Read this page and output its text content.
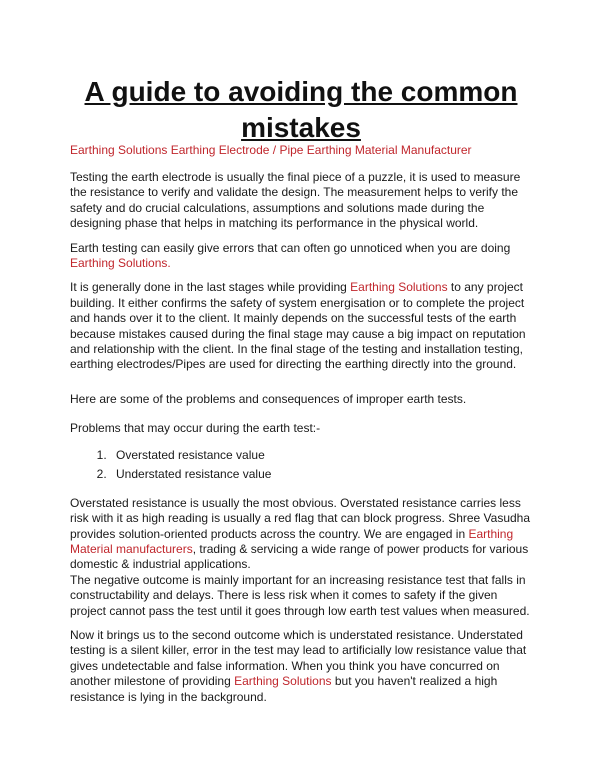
A guide to avoiding the common mistakes
Earthing Solutions Earthing Electrode / Pipe Earthing Material Manufacturer

Testing the earth electrode is usually the final piece of a puzzle, it is used to measure the resistance to verify and validate the design. The measurement helps to verify the safety and do crucial calculations, assumptions and solutions made during the designing phase that helps in matching its performance in the physical world.

Earth testing can easily give errors that can often go unnoticed when you are doing Earthing Solutions.

It is generally done in the last stages while providing Earthing Solutions to any project building. It either confirms the safety of system energisation or to complete the project and hands over it to the client. It mainly depends on the successful tests of the earth because mistakes caused during the final stage may cause a big impact on reputation and relationship with the client. In the final stage of the testing and installation testing, earthing electrodes/Pipes are used for directing the earthing directly into the ground.

Here are some of the problems and consequences of improper earth tests.

Problems that may occur during the earth test:-

1. Overstated resistance value
2. Understated resistance value

Overstated resistance is usually the most obvious. Overstated resistance carries less risk with it as high reading is usually a red flag that can block progress. Shree Vasudha provides solution-oriented products across the country. We are engaged in Earthing Material manufacturers, trading & servicing a wide range of power products for various domestic & industrial applications.

The negative outcome is mainly important for an increasing resistance test that falls in constructability and delays. There is less risk when it comes to safety if the given project cannot pass the test until it goes through low earth test values when measured.

Now it brings us to the second outcome which is understated resistance. Understated testing is a silent killer, error in the test may lead to artificially low resistance value that gives undetectable and false information. When you think you have concurred on another milestone of providing Earthing Solutions but you haven't realized a high resistance is lying in the background.
